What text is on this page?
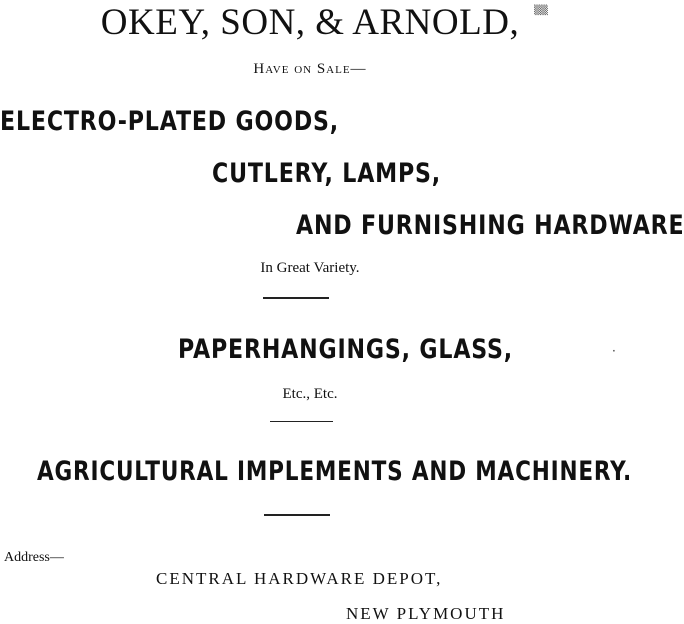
OKEY, SON, & ARNOLD,	▒▒
Have on Sale—
ELECTRO-PLATED GOODS,
CUTLERY, LAMPS,
AND FURNISHING HARDWARE
In Great Variety.
PAPERHANGINGS, GLASS,	·
Etc., Etc.
AGRICULTURAL IMPLEMENTS AND MACHINERY.
Address—
CENTRAL HARDWARE DEPOT,
NEW PLYMOUTH
